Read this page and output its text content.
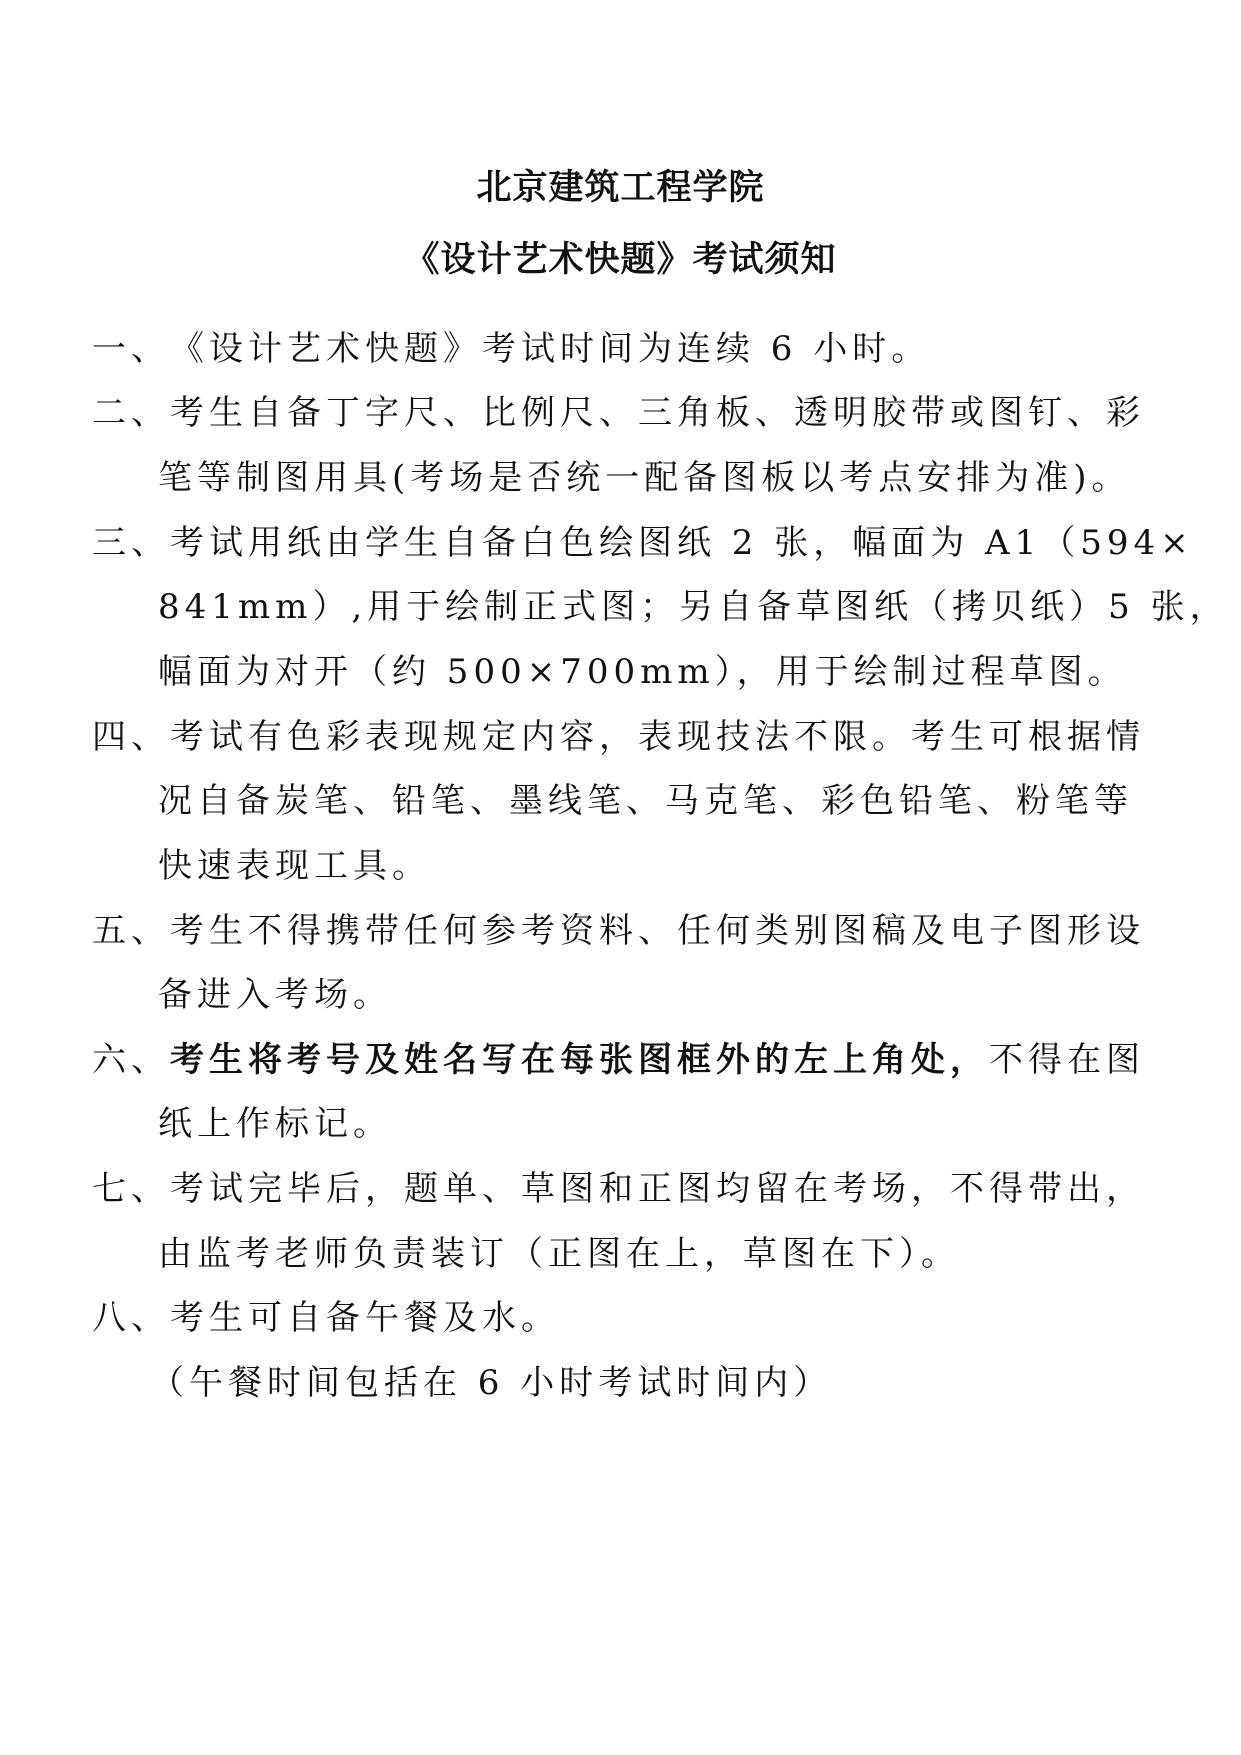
北京建筑工程学院
《设计艺术快题》考试须知
一、《设计艺术快题》考试时间为连续 6 小时。
二、考生自备丁字尺、比例尺、三角板、透明胶带或图钉、彩
笔等制图用具(考场是否统一配备图板以考点安排为准)。
三、考试用纸由学生自备白色绘图纸 2 张，幅面为 A1（594×
841mm）,用于绘制正式图；另自备草图纸（拷贝纸）5 张，
幅面为对开（约 500×700mm），用于绘制过程草图。
四、考试有色彩表现规定内容，表现技法不限。考生可根据情
况自备炭笔、铅笔、墨线笔、马克笔、彩色铅笔、粉笔等
快速表现工具。
五、考生不得携带任何参考资料、任何类别图稿及电子图形设
备进入考场。
六、考生将考号及姓名写在每张图框外的左上角处，不得在图
纸上作标记。
七、考试完毕后，题单、草图和正图均留在考场，不得带出，
由监考老师负责装订（正图在上，草图在下）。
八、考生可自备午餐及水。
（午餐时间包括在 6 小时考试时间内）
